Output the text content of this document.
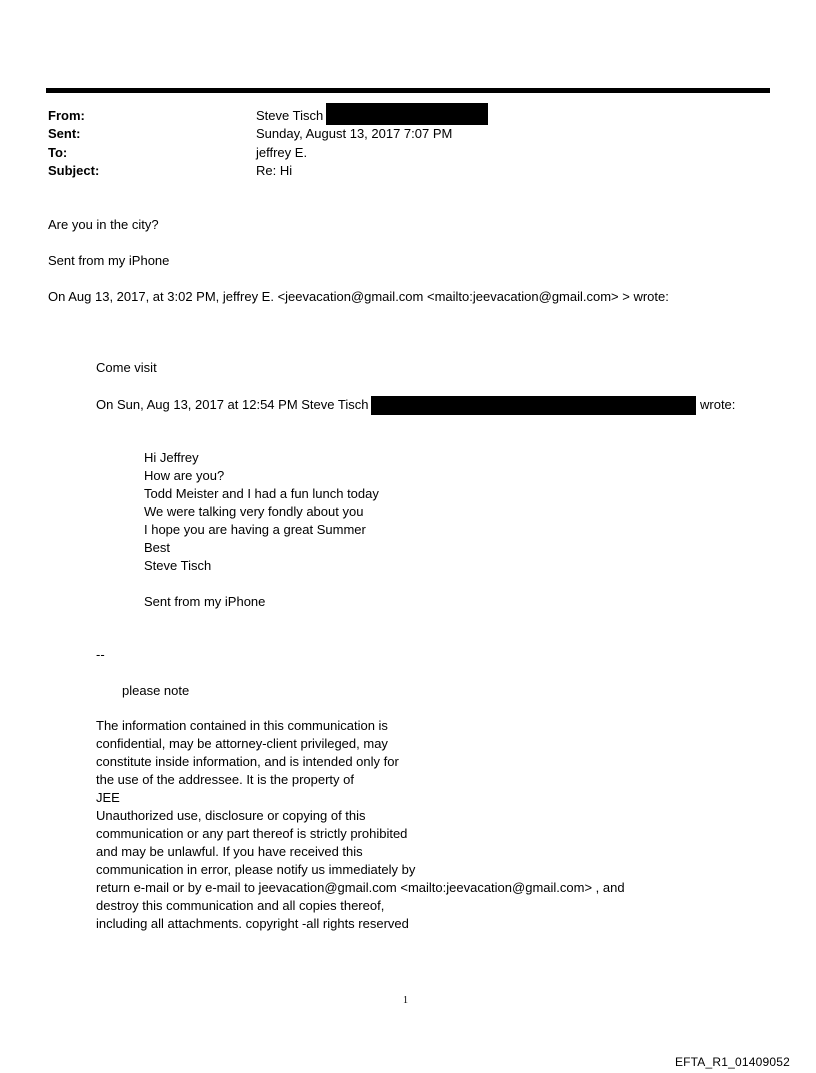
From:	Steve Tisch
Sent:	Sunday, August 13, 2017 7:07 PM
To:	jeffrey E.
Subject:	Re: Hi
Are you in the city?
Sent from my iPhone
On Aug 13, 2017, at 3:02 PM, jeffrey E. <jeevacation@gmail.com <mailto:jeevacation@gmail.com> > wrote:
Come visit
On Sun, Aug 13, 2017 at 12:54 PM Steve Tisch	wrote:
Hi Jeffrey
How are you?
Todd Meister and I had a fun lunch today
We were talking very fondly about you
I hope you are having a great Summer
Best
Steve Tisch
Sent from my iPhone
--
please note
The information contained in this communication is
confidential, may be attorney-client privileged, may
constitute inside information, and is intended only for
the use of the addressee. It is the property of
JEE
Unauthorized use, disclosure or copying of this
communication or any part thereof is strictly prohibited
and may be unlawful. If you have received this
communication in error, please notify us immediately by
return e-mail or by e-mail to jeevacation@gmail.com <mailto:jeevacation@gmail.com> , and
destroy this communication and all copies thereof,
including all attachments. copyright -all rights reserved
1
EFTA_R1_01409052
